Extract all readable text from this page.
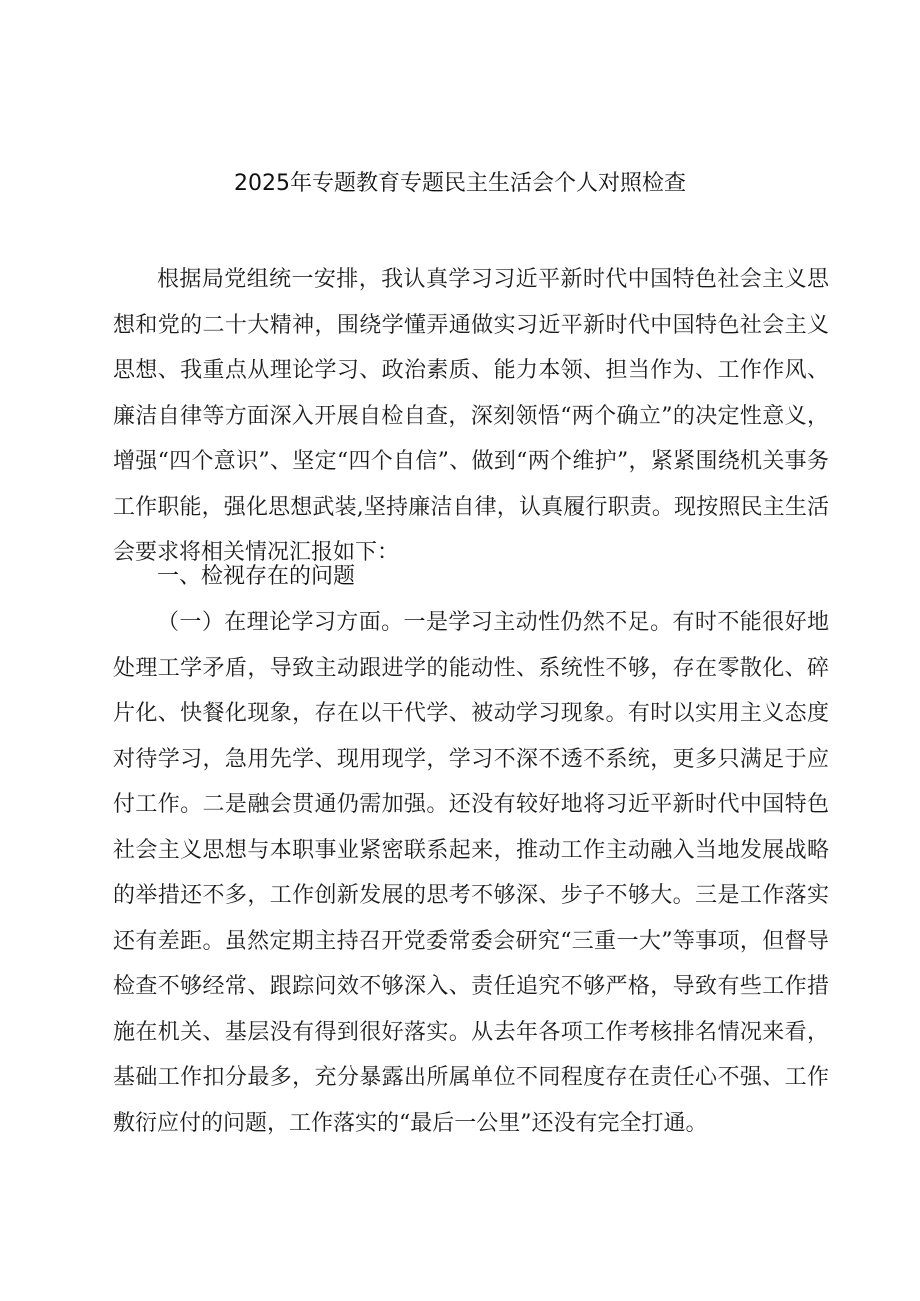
2025年专题教育专题民主生活会个人对照检查

根据局党组统一安排，我认真学习习近平新时代中国特色社会主义思想和党的二十大精神，围绕学懂弄通做实习近平新时代中国特色社会主义思想、我重点从理论学习、政治素质、能力本领、担当作为、工作作风、廉洁自律等方面深入开展自检自查，深刻领悟“两个确立”的决定性意义，增强“四个意识”、坚定“四个自信”、做到“两个维护”，紧紧围绕机关事务工作职能，强化思想武装,坚持廉洁自律，认真履行职责。现按照民主生活会要求将相关情况汇报如下：

一、检视存在的问题

（一）在理论学习方面。一是学习主动性仍然不足。有时不能很好地处理工学矛盾，导致主动跟进学的能动性、系统性不够，存在零散化、碎片化、快餐化现象，存在以干代学、被动学习现象。有时以实用主义态度对待学习，急用先学、现用现学，学习不深不透不系统，更多只满足于应付工作。二是融会贯通仍需加强。还没有较好地将习近平新时代中国特色社会主义思想与本职事业紧密联系起来，推动工作主动融入当地发展战略的举措还不多，工作创新发展的思考不够深、步子不够大。三是工作落实还有差距。虽然定期主持召开党委常委会研究“三重一大”等事项，但督导检查不够经常、跟踪问效不够深入、责任追究不够严格，导致有些工作措施在机关、基层没有得到很好落实。从去年各项工作考核排名情况来看，基础工作扣分最多，充分暴露出所属单位不同程度存在责任心不强、工作敷衍应付的问题，工作落实的“最后一公里”还没有完全打通。
